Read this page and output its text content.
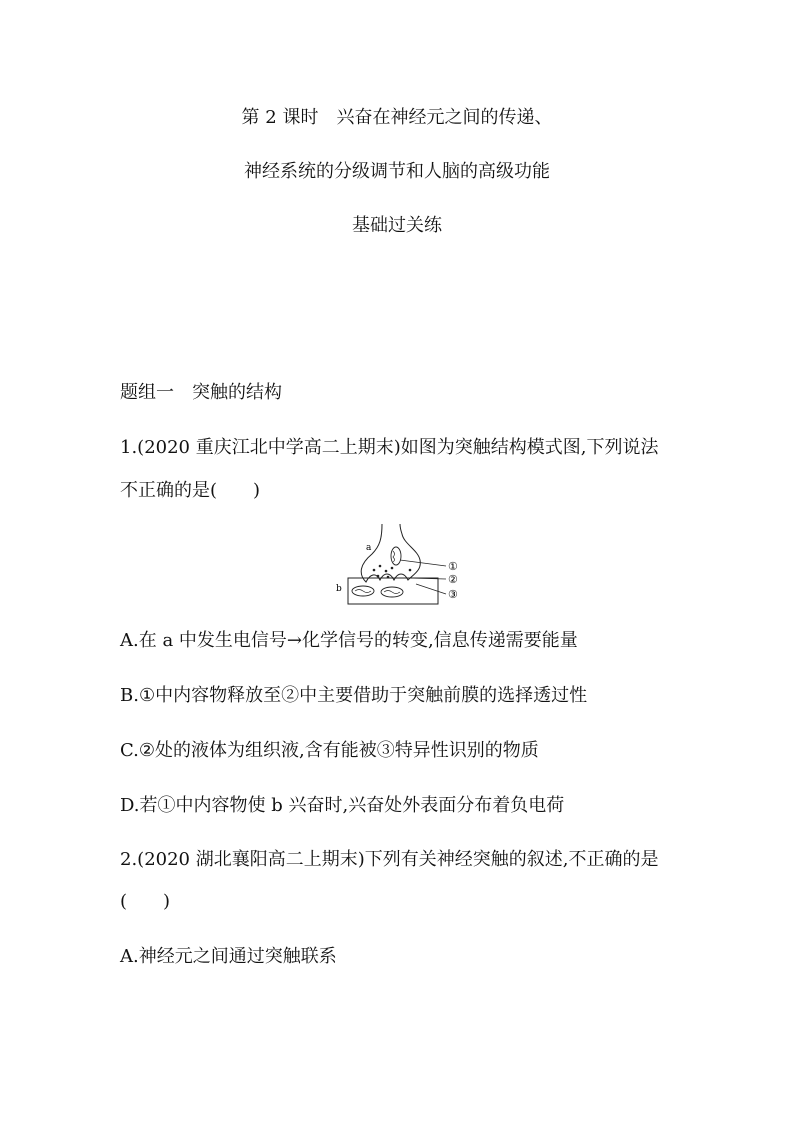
第 2 课时　兴奋在神经元之间的传递、
神经系统的分级调节和人脑的高级功能
基础过关练
题组一　突触的结构
1.(2020 重庆江北中学高二上期末)如图为突触结构模式图,下列说法
不正确的是(　　)
a
b
①
②
③
A.在 a 中发生电信号→化学信号的转变,信息传递需要能量
B.①中内容物释放至②中主要借助于突触前膜的选择透过性
C.②处的液体为组织液,含有能被③特异性识别的物质
D.若①中内容物使 b 兴奋时,兴奋处外表面分布着负电荷
2.(2020 湖北襄阳高二上期末)下列有关神经突触的叙述,不正确的是
(　　)
A.神经元之间通过突触联系
